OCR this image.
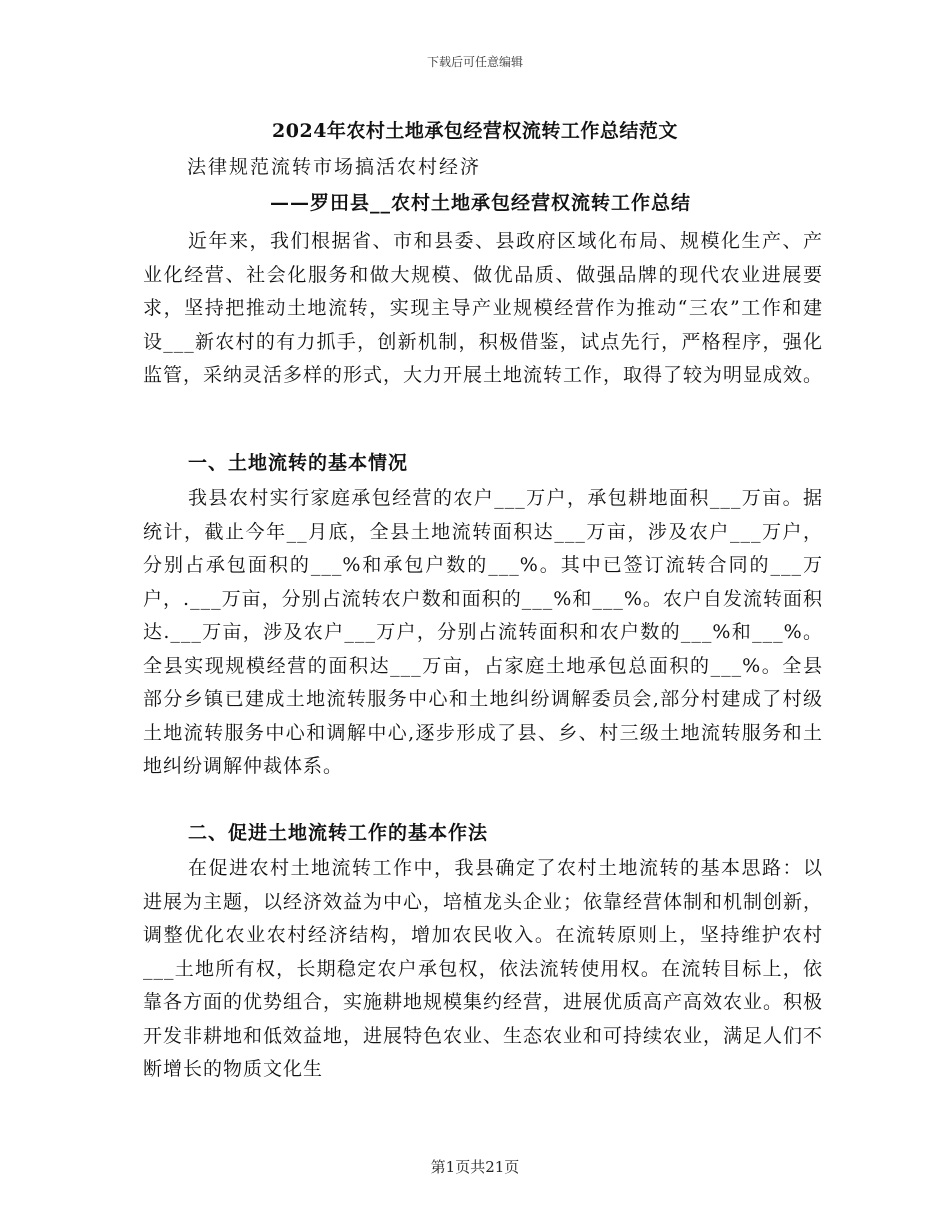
下载后可任意编辑
2024年农村土地承包经营权流转工作总结范文
法律规范流转市场搞活农村经济
——罗田县__农村土地承包经营权流转工作总结

近年来，我们根据省、市和县委、县政府区域化布局、规模化生产、产业化经营、社会化服务和做大规模、做优品质、做强品牌的现代农业进展要求，坚持把推动土地流转，实现主导产业规模经营作为推动“三农”工作和建设___新农村的有力抓手，创新机制，积极借鉴，试点先行，严格程序，强化监管，采纳灵活多样的形式，大力开展土地流转工作，取得了较为明显成效。

一、土地流转的基本情况

我县农村实行家庭承包经营的农户___万户，承包耕地面积___万亩。据统计，截止今年__月底，全县土地流转面积达___万亩，涉及农户___万户，分别占承包面积的___%和承包户数的___%。其中已签订流转合同的___万户，.___万亩，分别占流转农户数和面积的___%和___%。农户自发流转面积达.___万亩，涉及农户___万户，分别占流转面积和农户数的___%和___%。全县实现规模经营的面积达___万亩，占家庭土地承包总面积的___%。全县部分乡镇已建成土地流转服务中心和土地纠纷调解委员会,部分村建成了村级土地流转服务中心和调解中心,逐步形成了县、乡、村三级土地流转服务和土地纠纷调解仲裁体系。

二、促进土地流转工作的基本作法

在促进农村土地流转工作中，我县确定了农村土地流转的基本思路：以进展为主题，以经济效益为中心，培植龙头企业；依靠经营体制和机制创新，调整优化农业农村经济结构，增加农民收入。在流转原则上，坚持维护农村___土地所有权，长期稳定农户承包权，依法流转使用权。在流转目标上，依靠各方面的优势组合，实施耕地规模集约经营，进展优质高产高效农业。积极开发非耕地和低效益地，进展特色农业、生态农业和可持续农业，满足人们不断增长的物质文化生

第1页共21页
